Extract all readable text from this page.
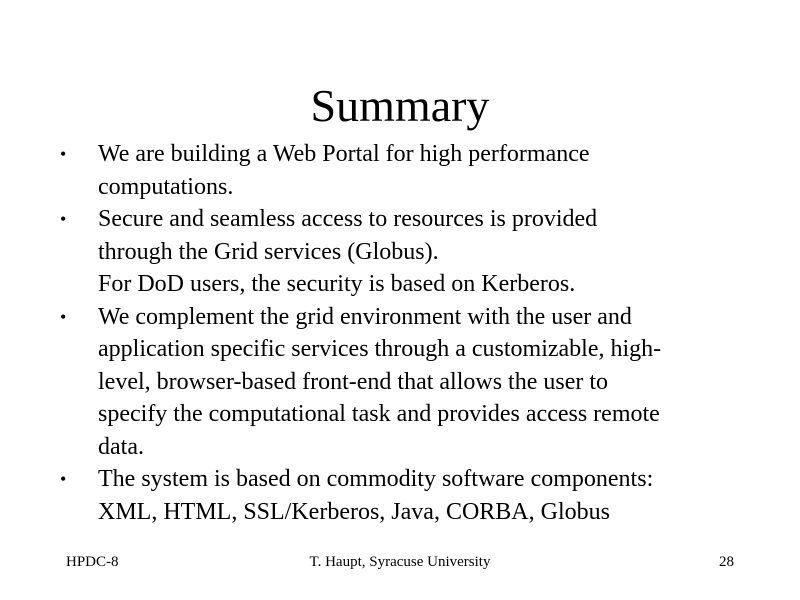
Summary
•	We are building a Web Portal for high performance
computations.
•	Secure and seamless access to resources is provided
through the Grid services (Globus).
For DoD users, the security is based on Kerberos.
•	We complement the grid environment with the user and
application specific services through a customizable, high-
level, browser-based front-end that allows the user to
specify the computational task and provides access remote
data.
•	The system is based on commodity software components:
XML, HTML, SSL/Kerberos, Java, CORBA, Globus
HPDC-8	T. Haupt, Syracuse University	28
